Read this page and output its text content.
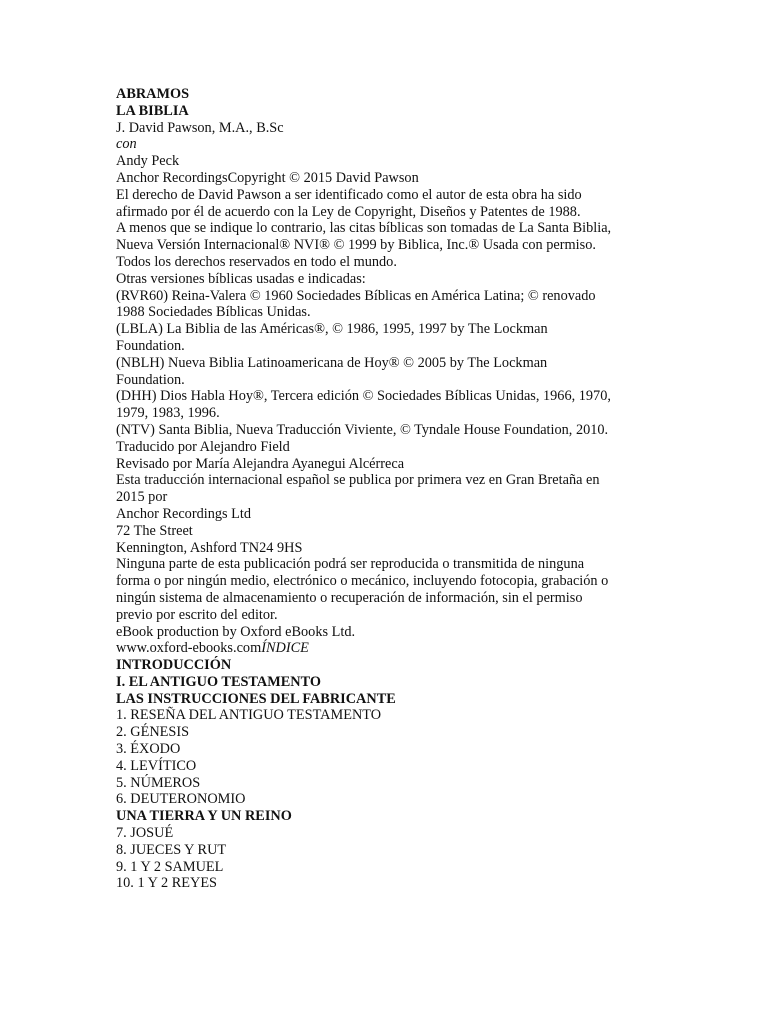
ABRAMOS
LA BIBLIA
J. David Pawson, M.A., B.Sc
con
Andy Peck
Anchor RecordingsCopyright © 2015 David Pawson
El derecho de David Pawson a ser identificado como el autor de esta obra ha sido afirmado por él de acuerdo con la Ley de Copyright, Diseños y Patentes de 1988.
A menos que se indique lo contrario, las citas bíblicas son tomadas de La Santa Biblia, Nueva Versión Internacional® NVI® © 1999 by Biblica, Inc.® Usada con permiso. Todos los derechos reservados en todo el mundo.
Otras versiones bíblicas usadas e indicadas:
(RVR60) Reina-Valera © 1960 Sociedades Bíblicas en América Latina; © renovado 1988 Sociedades Bíblicas Unidas.
(LBLA) La Biblia de las Américas®, © 1986, 1995, 1997 by The Lockman Foundation.
(NBLH) Nueva Biblia Latinoamericana de Hoy® © 2005 by The Lockman Foundation.
(DHH) Dios Habla Hoy®, Tercera edición © Sociedades Bíblicas Unidas, 1966, 1970, 1979, 1983, 1996.
(NTV) Santa Biblia, Nueva Traducción Viviente, © Tyndale House Foundation, 2010.
Traducido por Alejandro Field
Revisado por María Alejandra Ayanegui Alcérreca
Esta traducción internacional español se publica por primera vez en Gran Bretaña en 2015 por
Anchor Recordings Ltd
72 The Street
Kennington, Ashford TN24 9HS
Ninguna parte de esta publicación podrá ser reproducida o transmitida de ninguna forma o por ningún medio, electrónico o mecánico, incluyendo fotocopia, grabación o ningún sistema de almacenamiento o recuperación de información, sin el permiso previo por escrito del editor.
eBook production by Oxford eBooks Ltd.
www.oxford-ebooks.comÍNDICE
INTRODUCCIÓN
I. EL ANTIGUO TESTAMENTO
LAS INSTRUCCIONES DEL FABRICANTE
1. RESEÑA DEL ANTIGUO TESTAMENTO
2. GÉNESIS
3. ÉXODO
4. LEVÍTICO
5. NÚMEROS
6. DEUTERONOMIO
UNA TIERRA Y UN REINO
7. JOSUÉ
8. JUECES Y RUT
9. 1 Y 2 SAMUEL
10. 1 Y 2 REYES
